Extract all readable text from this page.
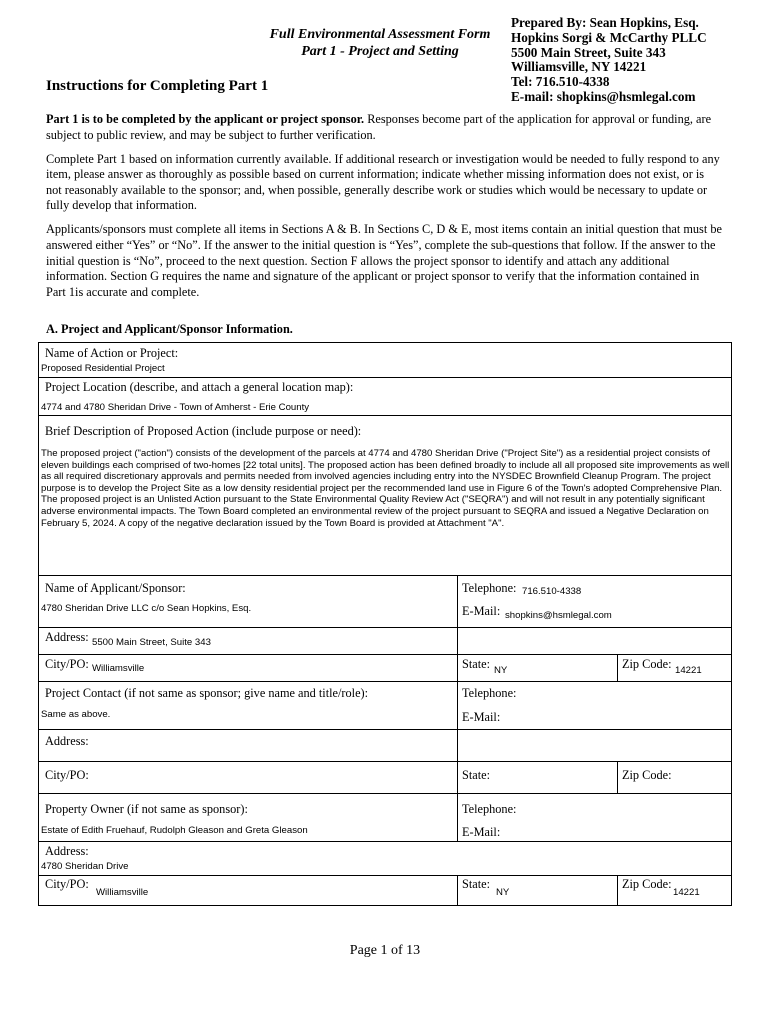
Full Environmental Assessment Form
Part 1 - Project and Setting
Prepared By: Sean Hopkins, Esq.
Hopkins Sorgi & McCarthy PLLC
5500 Main Street, Suite 343
Williamsville, NY 14221
Tel: 716.510-4338
E-mail: shopkins@hsmlegal.com
Instructions for Completing Part 1

Part 1 is to be completed by the applicant or project sponsor. Responses become part of the application for approval or funding, are subject to public review, and may be subject to further verification.

Complete Part 1 based on information currently available. If additional research or investigation would be needed to fully respond to any item, please answer as thoroughly as possible based on current information; indicate whether missing information does not exist, or is not reasonably available to the sponsor; and, when possible, generally describe work or studies which would be necessary to update or fully develop that information.

Applicants/sponsors must complete all items in Sections A & B. In Sections C, D & E, most items contain an initial question that must be answered either “Yes” or “No”. If the answer to the initial question is “Yes”, complete the sub-questions that follow. If the answer to the initial question is “No”, proceed to the next question. Section F allows the project sponsor to identify and attach any additional information. Section G requires the name and signature of the applicant or project sponsor to verify that the information contained in Part 1is accurate and complete.

A. Project and Applicant/Sponsor Information.
Name of Action or Project:
Proposed Residential Project
Project Location (describe, and attach a general location map):
4774 and 4780 Sheridan Drive - Town of Amherst - Erie County
Brief Description of Proposed Action (include purpose or need):
The proposed project ("action") consists of the development of the parcels at 4774 and 4780 Sheridan Drive ("Project Site") as a residential project consists of eleven buildings each comprised of two-homes [22 total units]. The proposed action has been defined broadly to include all all proposed site improvements as well as all required discretionary approvals and permits needed from involved agencies including entry into the NYSDEC Brownfield Cleanup Program. The project purpose is to develop the Project Site as a low density residential project per the recommended land use in Figure 6 of the Town's adopted Comprehensive Plan. The proposed project is an Unlisted Action pursuant to the State Environmental Quality Review Act ("SEQRA") and will not result in any potentially significant adverse environmental impacts. The Town Board completed an environmental review of the project pursuant to SEQRA and issued a Negative Declaration on February 5, 2024. A copy of the negative declaration issued by the Town Board is provided at Attachment "A".
Name of Applicant/Sponsor:
4780 Sheridan Drive LLC c/o Sean Hopkins, Esq.
Telephone: 716.510-4338
E-Mail: shopkins@hsmlegal.com
Address: 5500 Main Street, Suite 343
City/PO: Williamsville	State: NY	Zip Code: 14221
Project Contact (if not same as sponsor; give name and title/role):
Same as above.
Telephone:
E-Mail:
Address:
City/PO:	State:	Zip Code:
Property Owner (if not same as sponsor):
Estate of Edith Fruehauf, Rudolph Gleason and Greta Gleason
Telephone:
E-Mail:
Address:
4780 Sheridan Drive
City/PO:
Williamsville
State:
NY
Zip Code:
14221
Page 1 of 13
